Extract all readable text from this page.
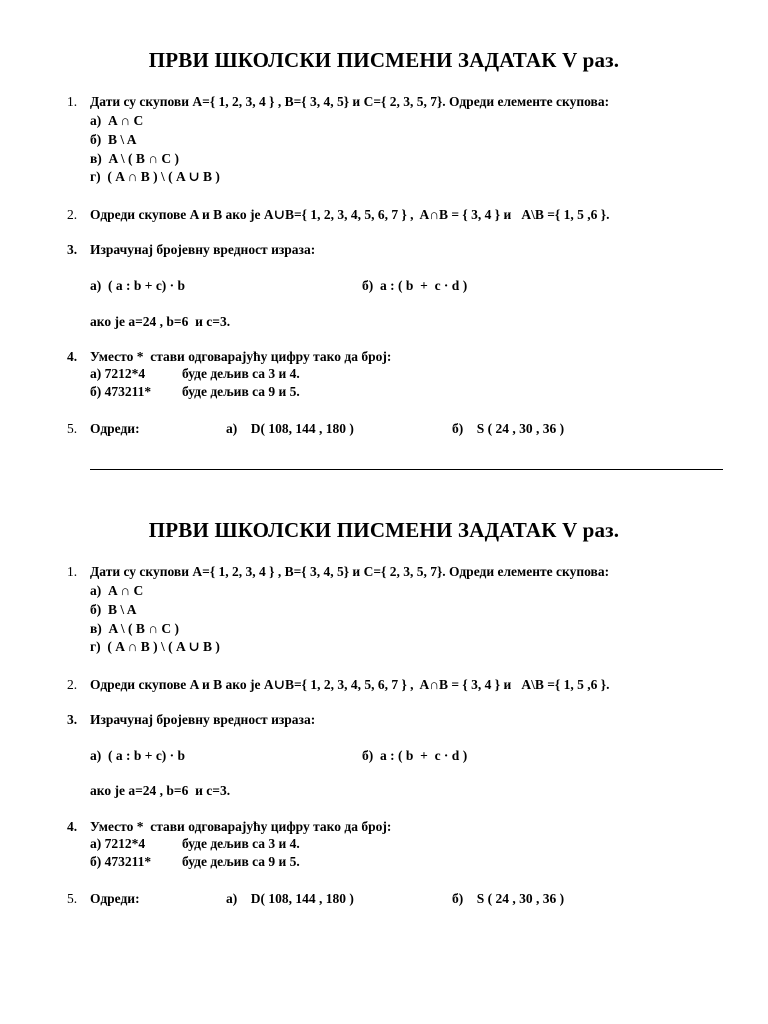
ПРВИ ШКОЛСКИ ПИСМЕНИ ЗАДАТАК V раз.
1. Дати су скупови A={ 1, 2, 3, 4 } , B={ 3, 4, 5} и C={ 2, 3, 5, 7}. Одреди елементе скупова:
а)  A ∩ C
б)  B \ A
в)  A \ ( B ∩ C )
г)  ( A ∩ B ) \ ( A ∪ B )
2. Одреди скупове A и B ако је A∪B={ 1, 2, 3, 4, 5, 6, 7 } ,  A∩B = { 3, 4 } и   A\B ={ 1, 5 ,6 }.
3. Израчунај бројевну вредност израза:
а)  ( a : b + c) · b	б)  a : ( b  +  c · d )
ако је a=24 , b=6  и c=3.
4. Уместо *  стави одговарајућу цифру тако да број:
а) 7212*4	буде дељив са 3 и 4.
б) 473211* буде дељив са 9 и 5.
5. Одреди:	а)    D( 108, 144 , 180 )	б)    S ( 24 , 30 , 36 )
ПРВИ ШКОЛСКИ ПИСМЕНИ ЗАДАТАК V раз.
1. Дати су скупови A={ 1, 2, 3, 4 } , B={ 3, 4, 5} и C={ 2, 3, 5, 7}. Одреди елементе скупова:
а)  A ∩ C
б)  B \ A
в)  A \ ( B ∩ C )
г)  ( A ∩ B ) \ ( A ∪ B )
2. Одреди скупове A и B ако је A∪B={ 1, 2, 3, 4, 5, 6, 7 } ,  A∩B = { 3, 4 } и   A\B ={ 1, 5 ,6 }.
3. Израчунај бројевну вредност израза:
а)  ( a : b + c) · b	б)  a : ( b  +  c · d )
ако је a=24 , b=6  и c=3.
4. Уместо *  стави одговарајућу цифру тако да број:
а) 7212*4	буде дељив са 3 и 4.
б) 473211* буде дељив са 9 и 5.
5. Одреди:	а)    D( 108, 144 , 180 )	б)    S ( 24 , 30 , 36 )
